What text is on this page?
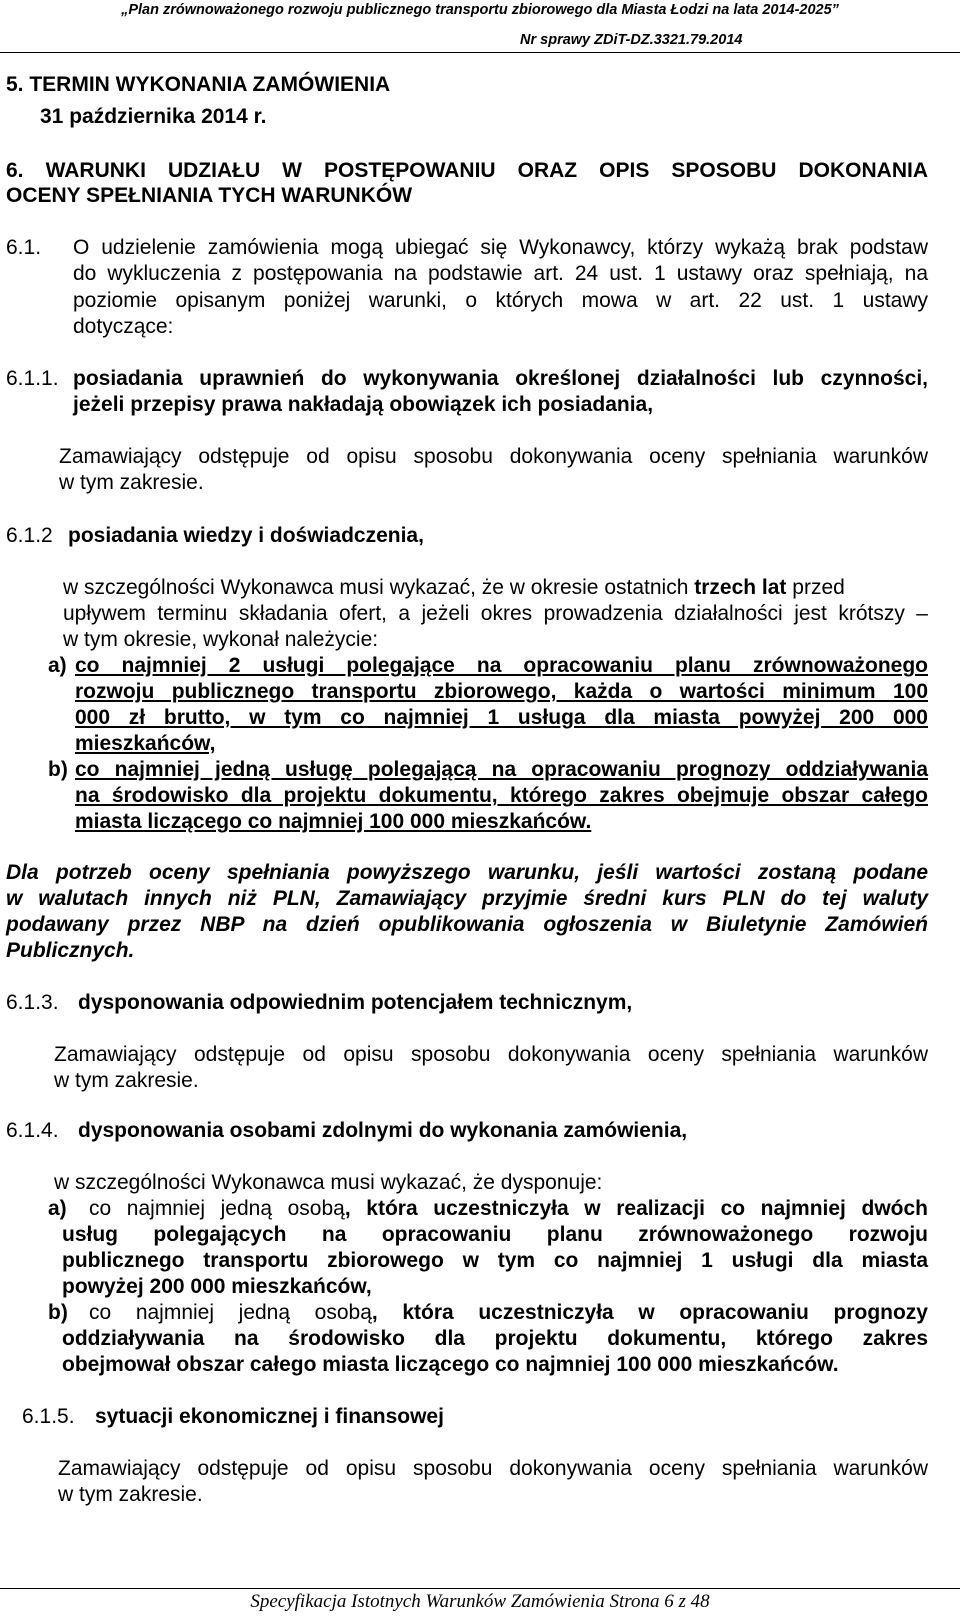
„Plan zrównoważonego rozwoju publicznego transportu zbiorowego dla Miasta Łodzi na lata 2014-2025”
Nr sprawy ZDiT-DZ.3321.79.2014
5. TERMIN WYKONANIA ZAMÓWIENIA
31 października 2014 r.
6. WARUNKI UDZIAŁU W POSTĘPOWANIU ORAZ OPIS SPOSOBU DOKONANIA
OCENY SPEŁNIANIA TYCH WARUNKÓW
6.1. O udzielenie zamówienia mogą ubiegać się Wykonawcy, którzy wykażą brak podstaw
do wykluczenia z postępowania na podstawie art. 24 ust. 1 ustawy oraz spełniają, na
poziomie opisanym poniżej warunki, o których mowa w art. 22 ust. 1 ustawy
dotyczące:
6.1.1. posiadania uprawnień do wykonywania określonej działalności lub czynności,
jeżeli przepisy prawa nakładają obowiązek ich posiadania,
Zamawiający odstępuje od opisu sposobu dokonywania oceny spełniania warunków
w tym zakresie.
6.1.2 posiadania wiedzy i doświadczenia,
w szczególności Wykonawca musi wykazać, że w okresie ostatnich trzech lat przed
upływem terminu składania ofert, a jeżeli okres prowadzenia działalności jest krótszy –
w tym okresie, wykonał należycie:
a) co najmniej 2 usługi polegające na opracowaniu planu zrównoważonego
rozwoju publicznego transportu zbiorowego, każda o wartości minimum 100
000 zł brutto, w tym co najmniej 1 usługa dla miasta powyżej 200 000
mieszkańców,
b) co najmniej jedną usługę polegającą na opracowaniu prognozy oddziaływania
na środowisko dla projektu dokumentu, którego zakres obejmuje obszar całego
miasta liczącego co najmniej 100 000 mieszkańców.
Dla potrzeb oceny spełniania powyższego warunku, jeśli wartości zostaną podane
w walutach innych niż PLN, Zamawiający przyjmie średni kurs PLN do tej waluty
podawany przez NBP na dzień opublikowania ogłoszenia w Biuletynie Zamówień
Publicznych.
6.1.3. dysponowania odpowiednim potencjałem technicznym,
Zamawiający odstępuje od opisu sposobu dokonywania oceny spełniania warunków
w tym zakresie.
6.1.4. dysponowania osobami zdolnymi do wykonania zamówienia,
w szczególności Wykonawca musi wykazać, że dysponuje:
a) co najmniej jedną osobą, która uczestniczyła w realizacji co najmniej dwóch
usług polegających na opracowaniu planu zrównoważonego rozwoju
publicznego transportu zbiorowego w tym co najmniej 1 usługi dla miasta
powyżej 200 000 mieszkańców,
b) co najmniej jedną osobą, która uczestniczyła w opracowaniu prognozy
oddziaływania na środowisko dla projektu dokumentu, którego zakres
obejmował obszar całego miasta liczącego co najmniej 100 000 mieszkańców.
6.1.5. sytuacji ekonomicznej i finansowej
Zamawiający odstępuje od opisu sposobu dokonywania oceny spełniania warunków
w tym zakresie.
Specyfikacja Istotnych Warunków Zamówienia Strona 6 z 48
